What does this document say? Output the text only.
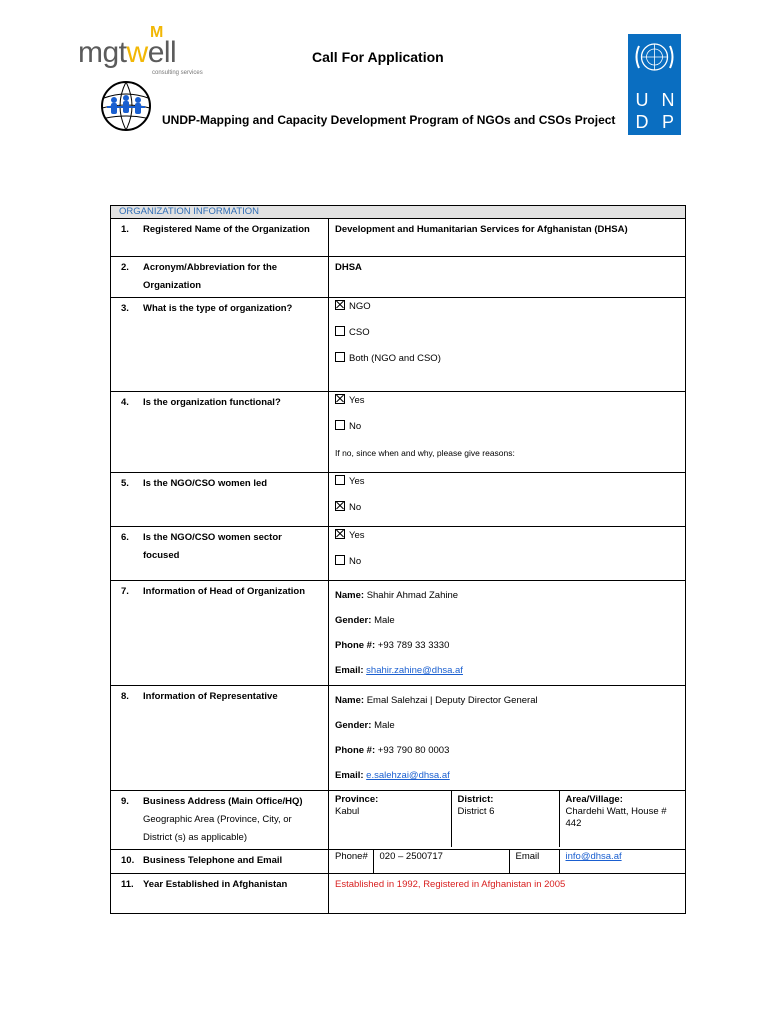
M
mgtwell
consulting services
Call For Application
UNDP-Mapping and Capacity Development Program of NGOs and CSOs Project
U N
D P
ORGANIZATION INFORMATION
1. Registered Name of the Organization	Development and Humanitarian Services for Afghanistan (DHSA)
2. Acronym/Abbreviation for the Organization	DHSA
3. What is the type of organization?	NGO
CSO
Both (NGO and CSO)

4. Is the organization functional?	Yes
No
If no, since when and why, please give reasons:

5. Is the NGO/CSO women led	Yes
No

6. Is the NGO/CSO women sector focused	
Yes
No

7. Information of Head of Organization	Name: Shahir Ahmad Zahine
Gender: Male
Phone #: +93 789 33 3330
Email: shahir.zahine@dhsa.af

8. Information of Representative	Name: Emal Salehzai | Deputy Director General
Gender: Male
Phone #: +93 790 80 0003
Email: e.salehzai@dhsa.af

9. Business Address (Main Office/HQ)
Geographic Area (Province, City, or District (s) as applicable)	
Province:
Kabul	District:
District 6	Area/Village:
Chardehi Watt, House # 442

10. Business Telephone and Email		Phone#	020 – 2500717	Email	info@dhsa.af

11. Year Established in Afghanistan	Established in 1992, Registered in Afghanistan in 2005
